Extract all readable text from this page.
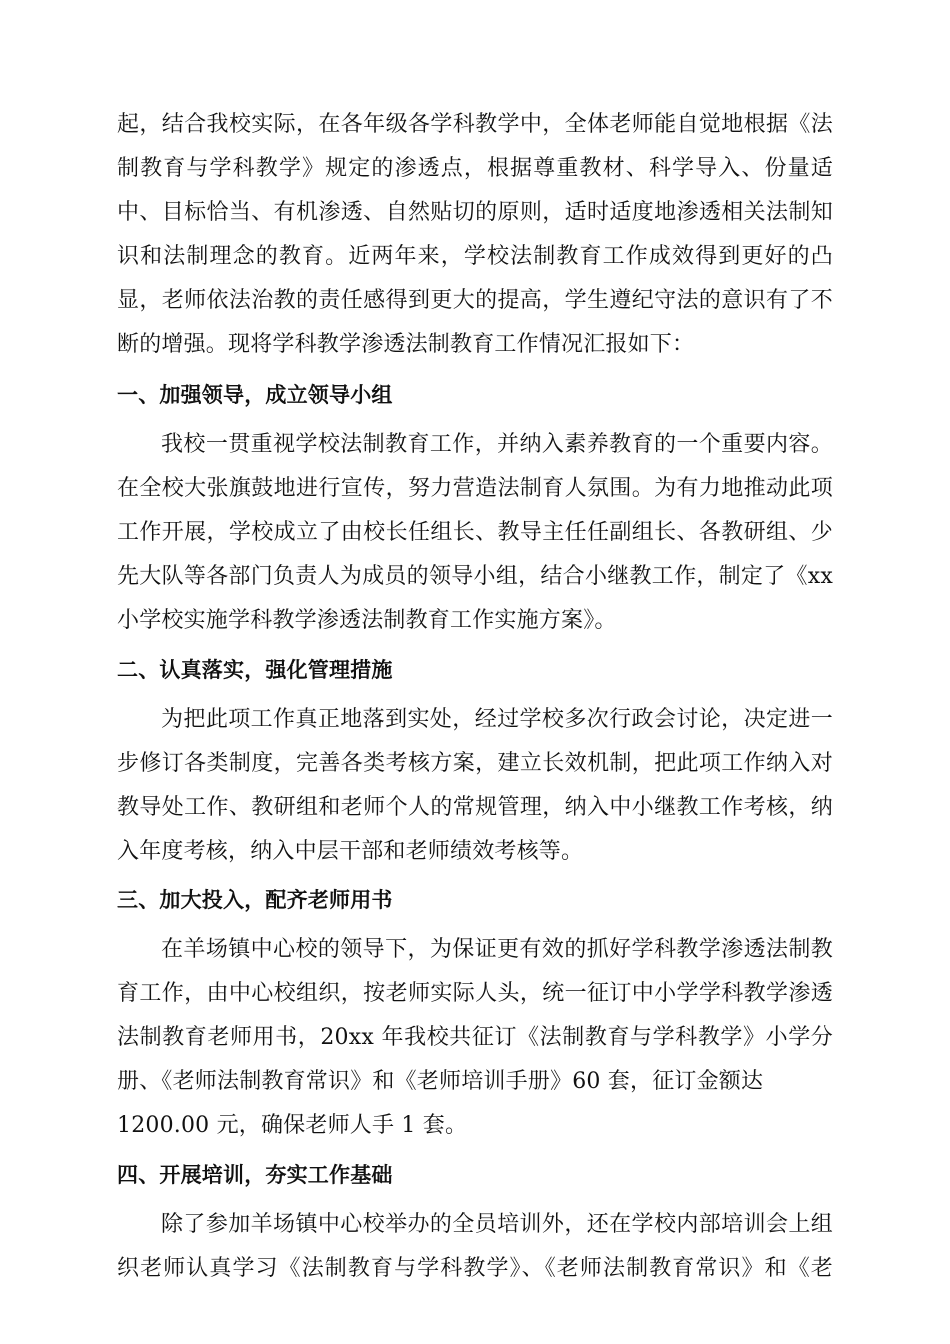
起，结合我校实际，在各年级各学科教学中，全体老师能自觉地根据《法
制教育与学科教学》规定的渗透点，根据尊重教材、科学导入、份量适
中、目标恰当、有机渗透、自然贴切的原则，适时适度地渗透相关法制知
识和法制理念的教育。近两年来，学校法制教育工作成效得到更好的凸
显，老师依法治教的责任感得到更大的提高，学生遵纪守法的意识有了不
断的增强。现将学科教学渗透法制教育工作情况汇报如下：
一、加强领导，成立领导小组
我校一贯重视学校法制教育工作，并纳入素养教育的一个重要内容。
在全校大张旗鼓地进行宣传，努力营造法制育人氛围。为有力地推动此项
工作开展，学校成立了由校长任组长、教导主任任副组长、各教研组、少
先大队等各部门负责人为成员的领导小组，结合小继教工作，制定了《xx
小学校实施学科教学渗透法制教育工作实施方案》。
二、认真落实，强化管理措施
为把此项工作真正地落到实处，经过学校多次行政会讨论，决定进一
步修订各类制度，完善各类考核方案，建立长效机制，把此项工作纳入对
教导处工作、教研组和老师个人的常规管理，纳入中小继教工作考核，纳
入年度考核，纳入中层干部和老师绩效考核等。
三、加大投入，配齐老师用书
在羊场镇中心校的领导下，为保证更有效的抓好学科教学渗透法制教
育工作，由中心校组织，按老师实际人头，统一征订中小学学科教学渗透
法制教育老师用书，20xx 年我校共征订《法制教育与学科教学》小学分
册、《老师法制教育常识》和《老师培训手册》60 套，征订金额达
1200.00 元，确保老师人手 1 套。
四、开展培训，夯实工作基础
除了参加羊场镇中心校举办的全员培训外，还在学校内部培训会上组
织老师认真学习《法制教育与学科教学》、《老师法制教育常识》和《老
